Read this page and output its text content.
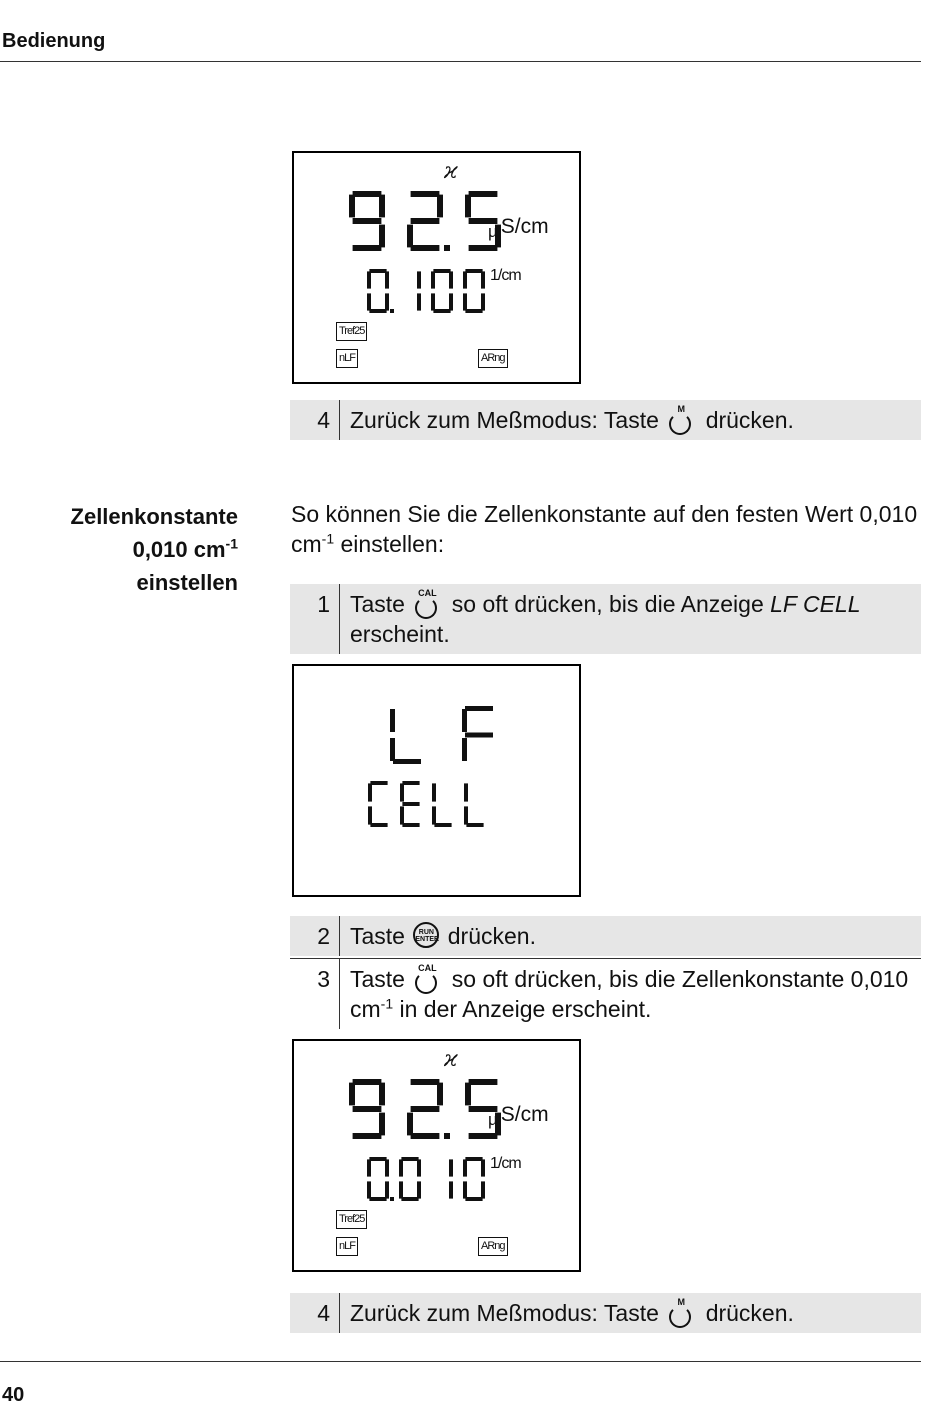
Bedienung
ϰ
µ S/cm
1/cm
Tref25
nLF	ARng
4 Zurück zum Meßmodus: Taste	M drücken.
Zellenkonstante
0,010 $cm^{-1}$
einstellen
So können Sie die Zellenkonstante auf den festen Wert 0,010 $cm^{-1}$ einstellen:
1 Taste	CAL so oft drücken, bis die Anzeige LF CELL
erscheint.
2 Taste	RUN
ENTER drücken.
3 Taste	CAL so oft drücken, bis die Zellenkonstante 0,010 $cm^{-1}$ in der Anzeige erscheint.
ϰ
µ S/cm
1/cm
Tref25
nLF	ARng
4 Zurück zum Meßmodus: Taste	M drücken.
40
